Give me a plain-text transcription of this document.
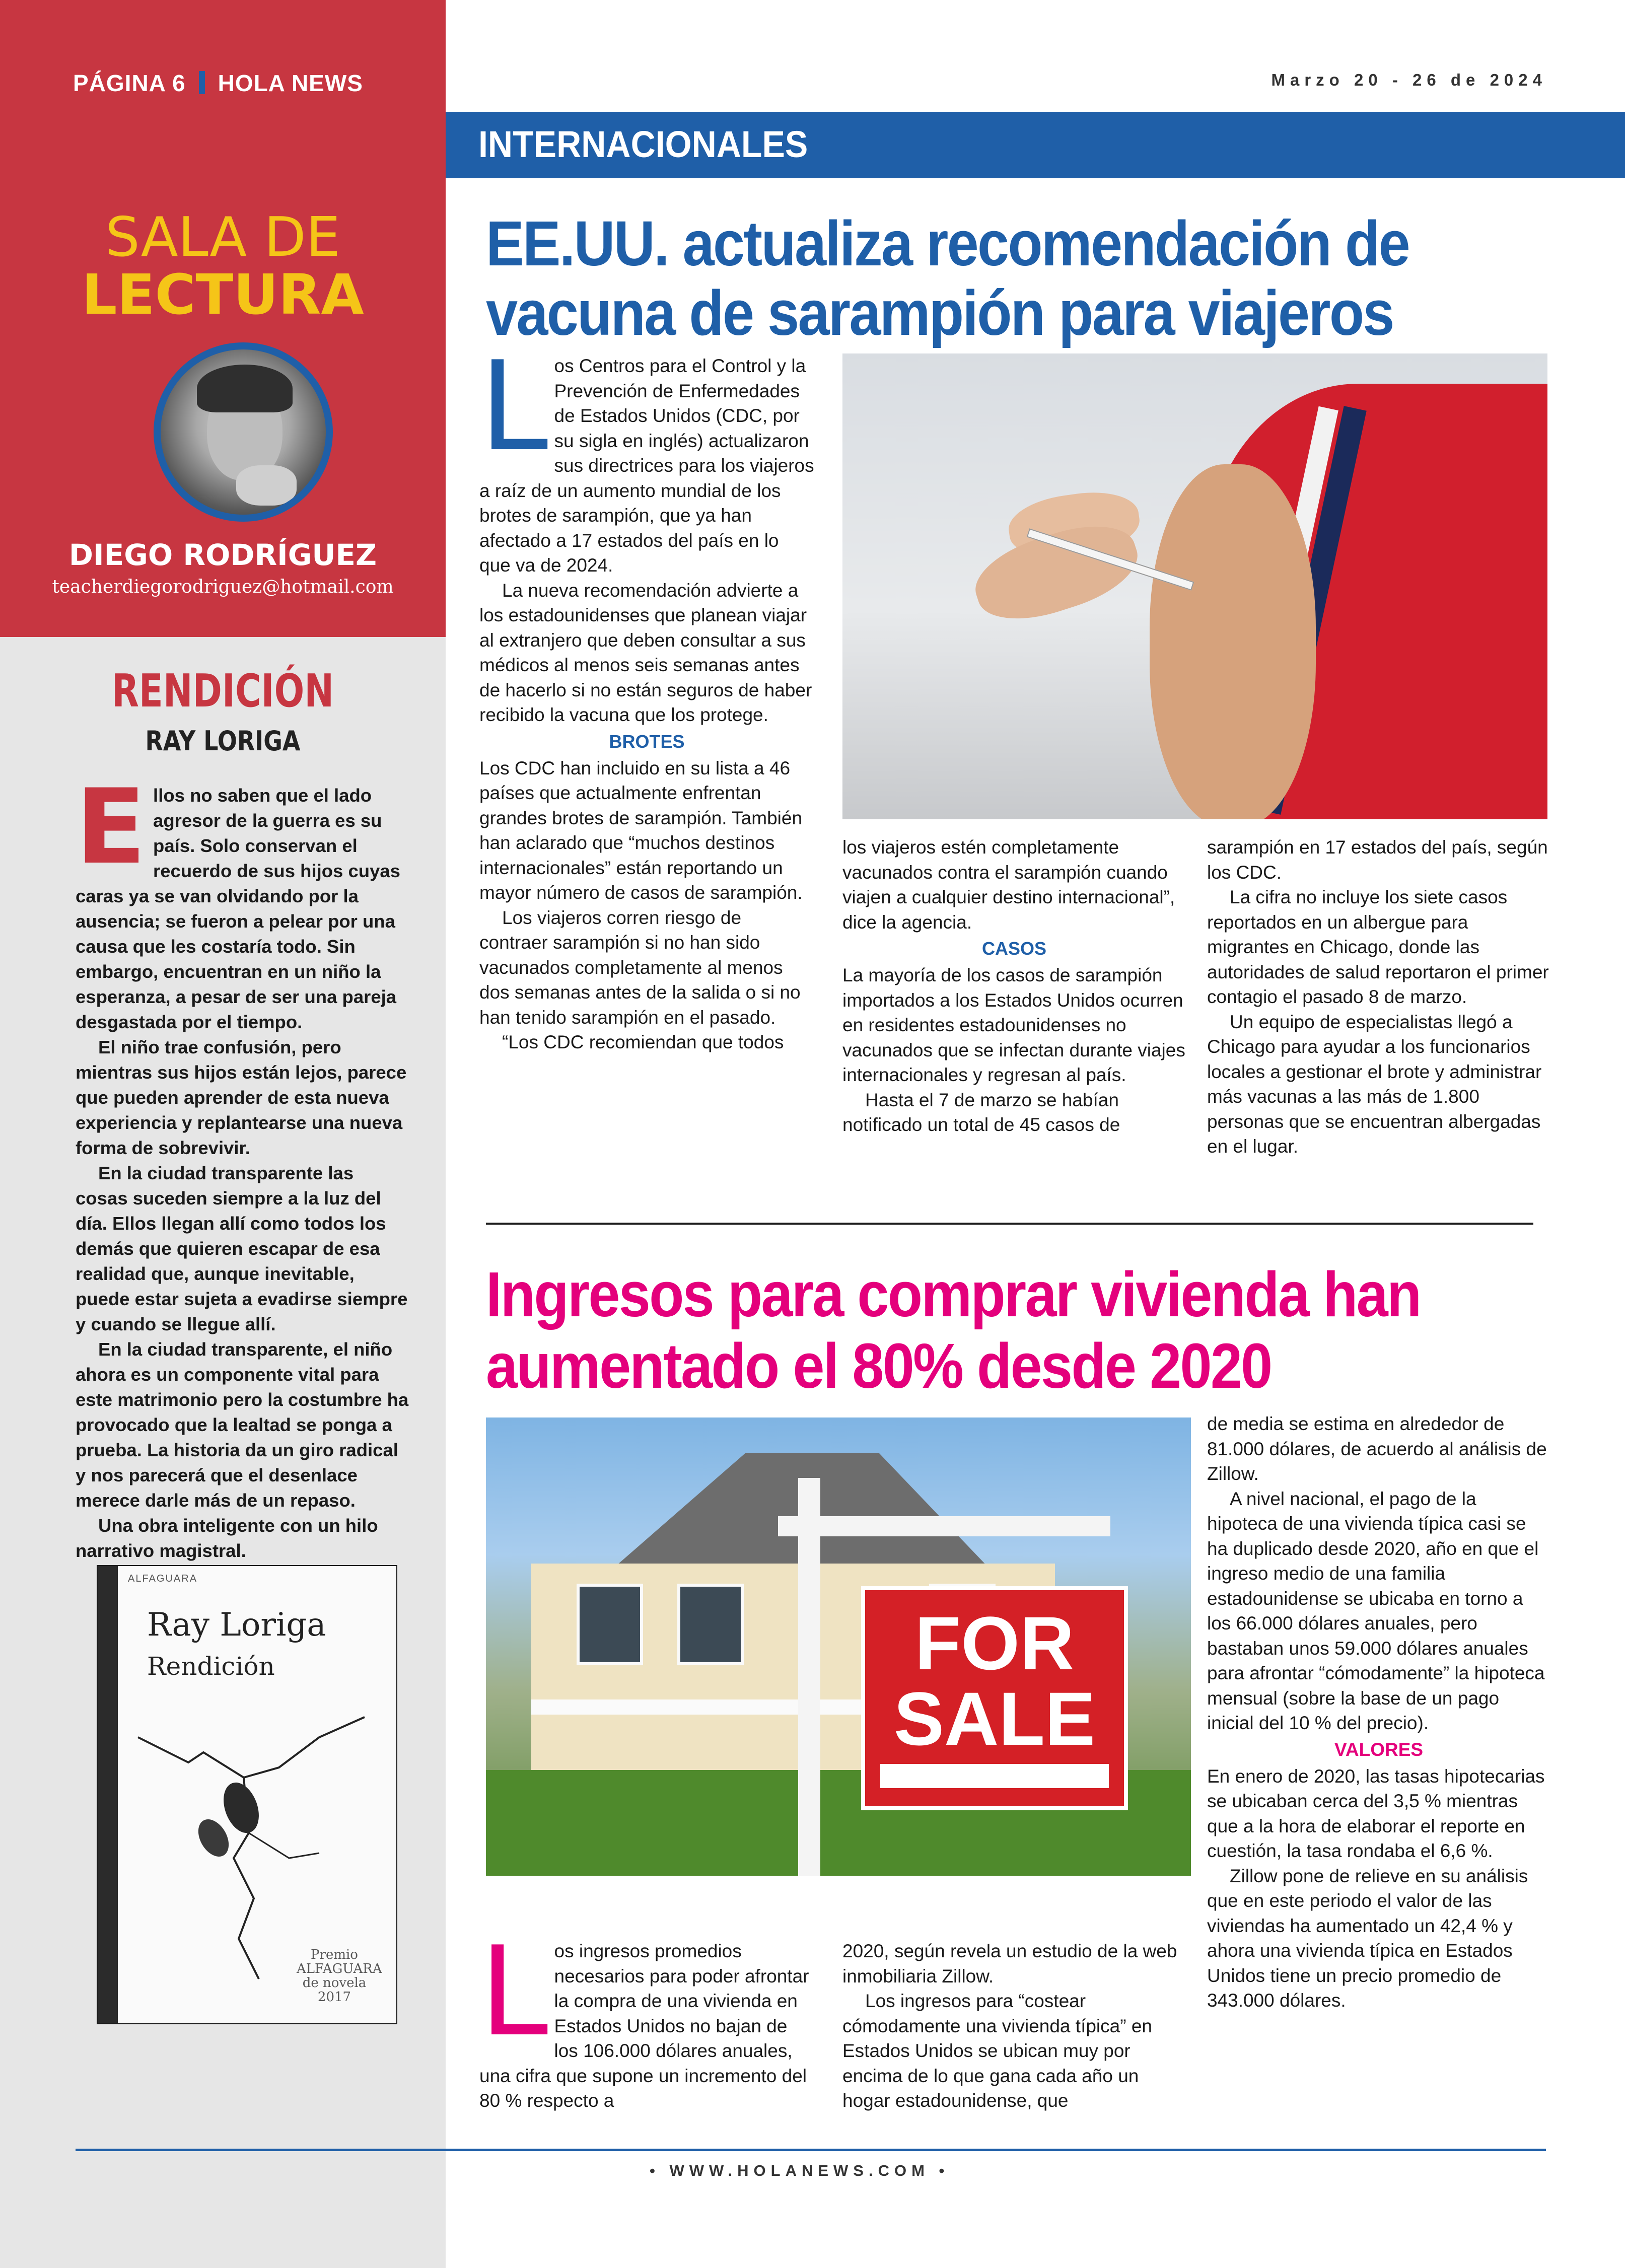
PÁGINA 6 HOLA NEWS	Marzo 20 - 26 de 2024
INTERNACIONALES
SALA DE
LECTURA
DIEGO RODRÍGUEZ
teacherdiegorodriguez@hotmail.com
RENDICIÓN
RAY LORIGA

Ellos no saben que el lado agresor de la guerra es su país. Solo conservan el recuerdo de sus hijos cuyas caras ya se van olvidando por la ausencia; se fueron a pelear por una causa que les costaría todo. Sin embargo, encuentran en un niño la esperanza, a pesar de ser una pareja desgastada por el tiempo.

El niño trae confusión, pero mientras sus hijos están lejos, parece que pueden aprender de esta nueva experiencia y replantearse una nueva forma de sobrevivir.

En la ciudad transparente las cosas suceden siempre a la luz del día. Ellos llegan allí como todos los demás que quieren escapar de esa realidad que, aunque inevitable, puede estar sujeta a evadirse siempre y cuando se llegue allí.

En la ciudad transparente, el niño ahora es un componente vital para este matrimonio pero la costumbre ha provocado que la lealtad se ponga a prueba. La historia da un giro radical y nos parecerá que el desenlace merece darle más de un repaso.

Una obra inteligente con un hilo narrativo magistral.

ALFAGUARA
Ray Loriga
Rendición
Premio
ALFAGUARA
de novela
2017
EE.UU. actualiza recomendación de vacuna de sarampión para viajeros

Los Centros para el Control y la Prevención de Enfermedades de Estados Unidos (CDC, por su sigla en inglés) actualizaron sus directrices para los viajeros a raíz de un aumento mundial de los brotes de sarampión, que ya han afectado a 17 estados del país en lo que va de 2024.

La nueva recomendación advierte a los estadounidenses que planean viajar al extranjero que deben consultar a sus médicos al menos seis semanas antes de hacerlo si no están seguros de haber recibido la vacuna que los protege.

BROTES

Los CDC han incluido en su lista a 46 países que actualmente enfrentan grandes brotes de sarampión. También han aclarado que “muchos destinos internacionales” están reportando un mayor número de casos de sarampión.

Los viajeros corren riesgo de contraer sarampión si no han sido vacunados completamente al menos dos semanas antes de la salida o si no han tenido sarampión en el pasado.

“Los CDC recomiendan que todos

los viajeros estén completamente vacunados contra el sarampión cuando viajen a cualquier destino internacional”, dice la agencia.

CASOS

La mayoría de los casos de sarampión importados a los Estados Unidos ocurren en residentes estadounidenses no vacunados que se infectan durante viajes internacionales y regresan al país.

Hasta el 7 de marzo se habían notificado un total de 45 casos de

sarampión en 17 estados del país, según los CDC.

La cifra no incluye los siete casos reportados en un albergue para migrantes en Chicago, donde las autoridades de salud reportaron el primer contagio el pasado 8 de marzo.

Un equipo de especialistas llegó a Chicago para ayudar a los funcionarios locales a gestionar el brote y administrar más vacunas a las más de 1.800 personas que se encuentran albergadas en el lugar.

Ingresos para comprar vivienda han aumentado el 80% desde 2020
FOR
SALE

de media se estima en alrededor de 81.000 dólares, de acuerdo al análisis de Zillow.

A nivel nacional, el pago de la hipoteca de una vivienda típica casi se ha duplicado desde 2020, año en que el ingreso medio de una familia estadounidense se ubicaba en torno a los 66.000 dólares anuales, pero bastaban unos 59.000 dólares anuales para afrontar “cómodamente” la hipoteca mensual (sobre la base de un pago inicial del 10 % del precio).

VALORES

En enero de 2020, las tasas hipotecarias se ubicaban cerca del 3,5 % mientras que a la hora de elaborar el reporte en cuestión, la tasa rondaba el 6,6 %.

Zillow pone de relieve en su análisis que en este periodo el valor de las viviendas ha aumentado un 42,4 % y ahora una vivienda típica en Estados Unidos tiene un precio promedio de 343.000 dólares.

Los ingresos promedios necesarios para poder afrontar la compra de una vivienda en Estados Unidos no bajan de los 106.000 dólares anuales, una cifra que supone un incremento del 80 % respecto a

2020, según revela un estudio de la web inmobiliaria Zillow.

Los ingresos para “costear cómodamente una vivienda típica” en Estados Unidos se ubican muy por encima de lo que gana cada año un hogar estadounidense, que

• WWW.HOLANEWS.COM •
